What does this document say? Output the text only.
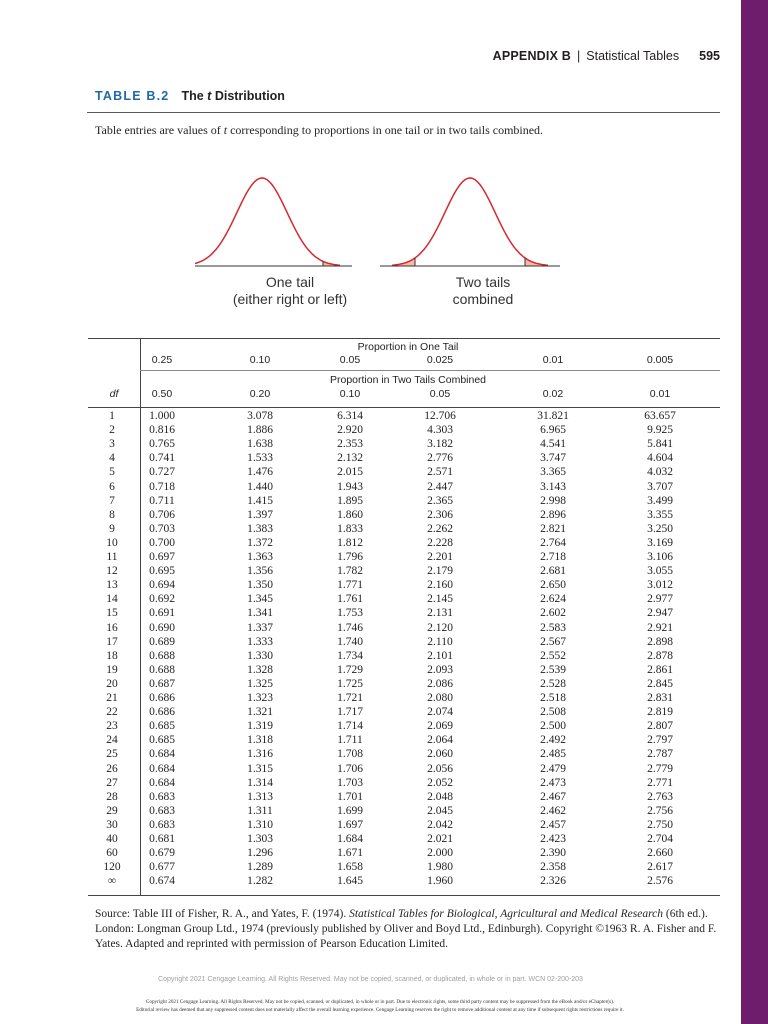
APPENDIX B | Statistical Tables 595
TABLE B.2 The t Distribution
Table entries are values of t corresponding to proportions in one tail or in two tails combined.
One tail
(either right or left)
Two tails
combined
Proportion in One Tail
Proportion in Two Tails Combined
df
0.25	0.10	0.05	0.025	0.01	0.005
0.50	0.20	0.10	0.05	0.02	0.01
1	1.000	3.078	6.314	12.706	31.821	63.657
2	0.816	1.886	2.920	4.303	6.965	9.925
3	0.765	1.638	2.353	3.182	4.541	5.841
4	0.741	1.533	2.132	2.776	3.747	4.604
5	0.727	1.476	2.015	2.571	3.365	4.032
6	0.718	1.440	1.943	2.447	3.143	3.707
7	0.711	1.415	1.895	2.365	2.998	3.499
8	0.706	1.397	1.860	2.306	2.896	3.355
9	0.703	1.383	1.833	2.262	2.821	3.250
10	0.700	1.372	1.812	2.228	2.764	3.169
11	0.697	1.363	1.796	2.201	2.718	3.106
12	0.695	1.356	1.782	2.179	2.681	3.055
13	0.694	1.350	1.771	2.160	2.650	3.012
14	0.692	1.345	1.761	2.145	2.624	2.977
15	0.691	1.341	1.753	2.131	2.602	2.947
16	0.690	1.337	1.746	2.120	2.583	2.921
17	0.689	1.333	1.740	2.110	2.567	2.898
18	0.688	1.330	1.734	2.101	2.552	2.878
19	0.688	1.328	1.729	2.093	2.539	2.861
20	0.687	1.325	1.725	2.086	2.528	2.845
21	0.686	1.323	1.721	2.080	2.518	2.831
22	0.686	1.321	1.717	2.074	2.508	2.819
23	0.685	1.319	1.714	2.069	2.500	2.807
24	0.685	1.318	1.711	2.064	2.492	2.797
25	0.684	1.316	1.708	2.060	2.485	2.787
26	0.684	1.315	1.706	2.056	2.479	2.779
27	0.684	1.314	1.703	2.052	2.473	2.771
28	0.683	1.313	1.701	2.048	2.467	2.763
29	0.683	1.311	1.699	2.045	2.462	2.756
30	0.683	1.310	1.697	2.042	2.457	2.750
40	0.681	1.303	1.684	2.021	2.423	2.704
60	0.679	1.296	1.671	2.000	2.390	2.660
120	0.677	1.289	1.658	1.980	2.358	2.617
∞	0.674	1.282	1.645	1.960	2.326	2.576
Source: Table III of Fisher, R. A., and Yates, F. (1974). Statistical Tables for Biological, Agricultural and Medical Research (6th ed.). London: Longman Group Ltd., 1974 (previously published by Oliver and Boyd Ltd., Edinburgh). Copyright ©1963 R. A. Fisher and F. Yates. Adapted and reprinted with permission of Pearson Education Limited.
Copyright 2021 Cengage Learning. All Rights Reserved. May not be copied, scanned, or duplicated, in whole or in part. WCN 02-200-203
Copyright 2021 Cengage Learning. All Rights Reserved. May not be copied, scanned, or duplicated, in whole or in part. Due to electronic rights, some third party content may be suppressed from the eBook and/or eChapter(s).
Editorial review has deemed that any suppressed content does not materially affect the overall learning experience. Cengage Learning reserves the right to remove additional content at any time if subsequent rights restrictions require it.
